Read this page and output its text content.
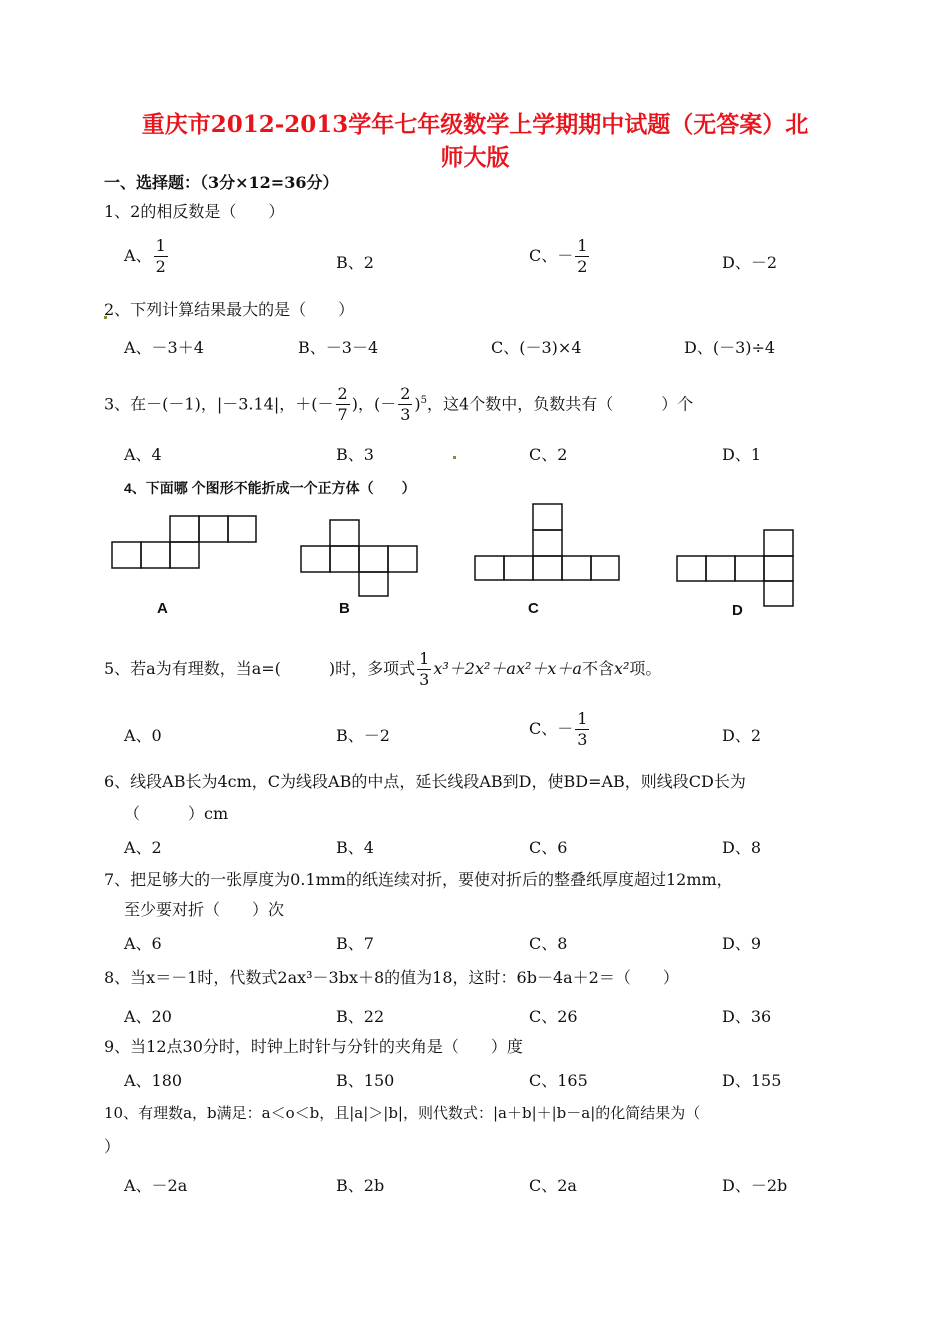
重庆市2012-2013学年七年级数学上学期期中试题（无答案）北
师大版
一、选择题：（3分×12=36分）
1、2的相反数是（　　）
A、 $\frac{1}{2}$	B、2	C、－ $\frac{1}{2}$	D、－2
2、下列计算结果最大的是（　　）
A、－3＋4	B、－3－4	C、(－3)×4	D、(－3)÷4
3、在－(－1)，|－3.14|，＋(－ $\frac{2}{7}$ )，(－ $\frac{2}{3} )^5$，这4个数中，负数共有（　　　）个
A、4	B、3	C、2	D、1
4、下面哪 个图形不能折成一个正方体（　　）
A	B	C	D
5、若a为有理数，当a=(　　　)时，多项式 $\frac{1}{3} x^3+2x^2+ax^2+x+a$不含x²项。
A、0	B、－2	C、－ $\frac{1}{3}$	D、2
6、线段AB长为4cm，C为线段AB的中点，延长线段AB到D，使BD=AB，则线段CD长为
（　　　）cm
A、2	B、4	C、6	D、8
7、把足够大的一张厚度为0.1mm的纸连续对折，要使对折后的整叠纸厚度超过12mm，
至少要对折（　　）次
A、6	B、7	C、8	D、9
8、当x＝－1时，代数式2ax³－3bx＋8的值为18，这时：6b－4a＋2＝（　　）
A、20	B、22	C、26	D、36
9、当12点30分时，时钟上时针与分针的夹角是（　　）度
A、180	B、150	C、165	D、155
10、有理数a，b满足：a＜o＜b，且|a|＞|b|，则代数式：|a＋b|＋|b－a|的化简结果为（
）
A、－2a	B、2b	C、2a	D、－2b
